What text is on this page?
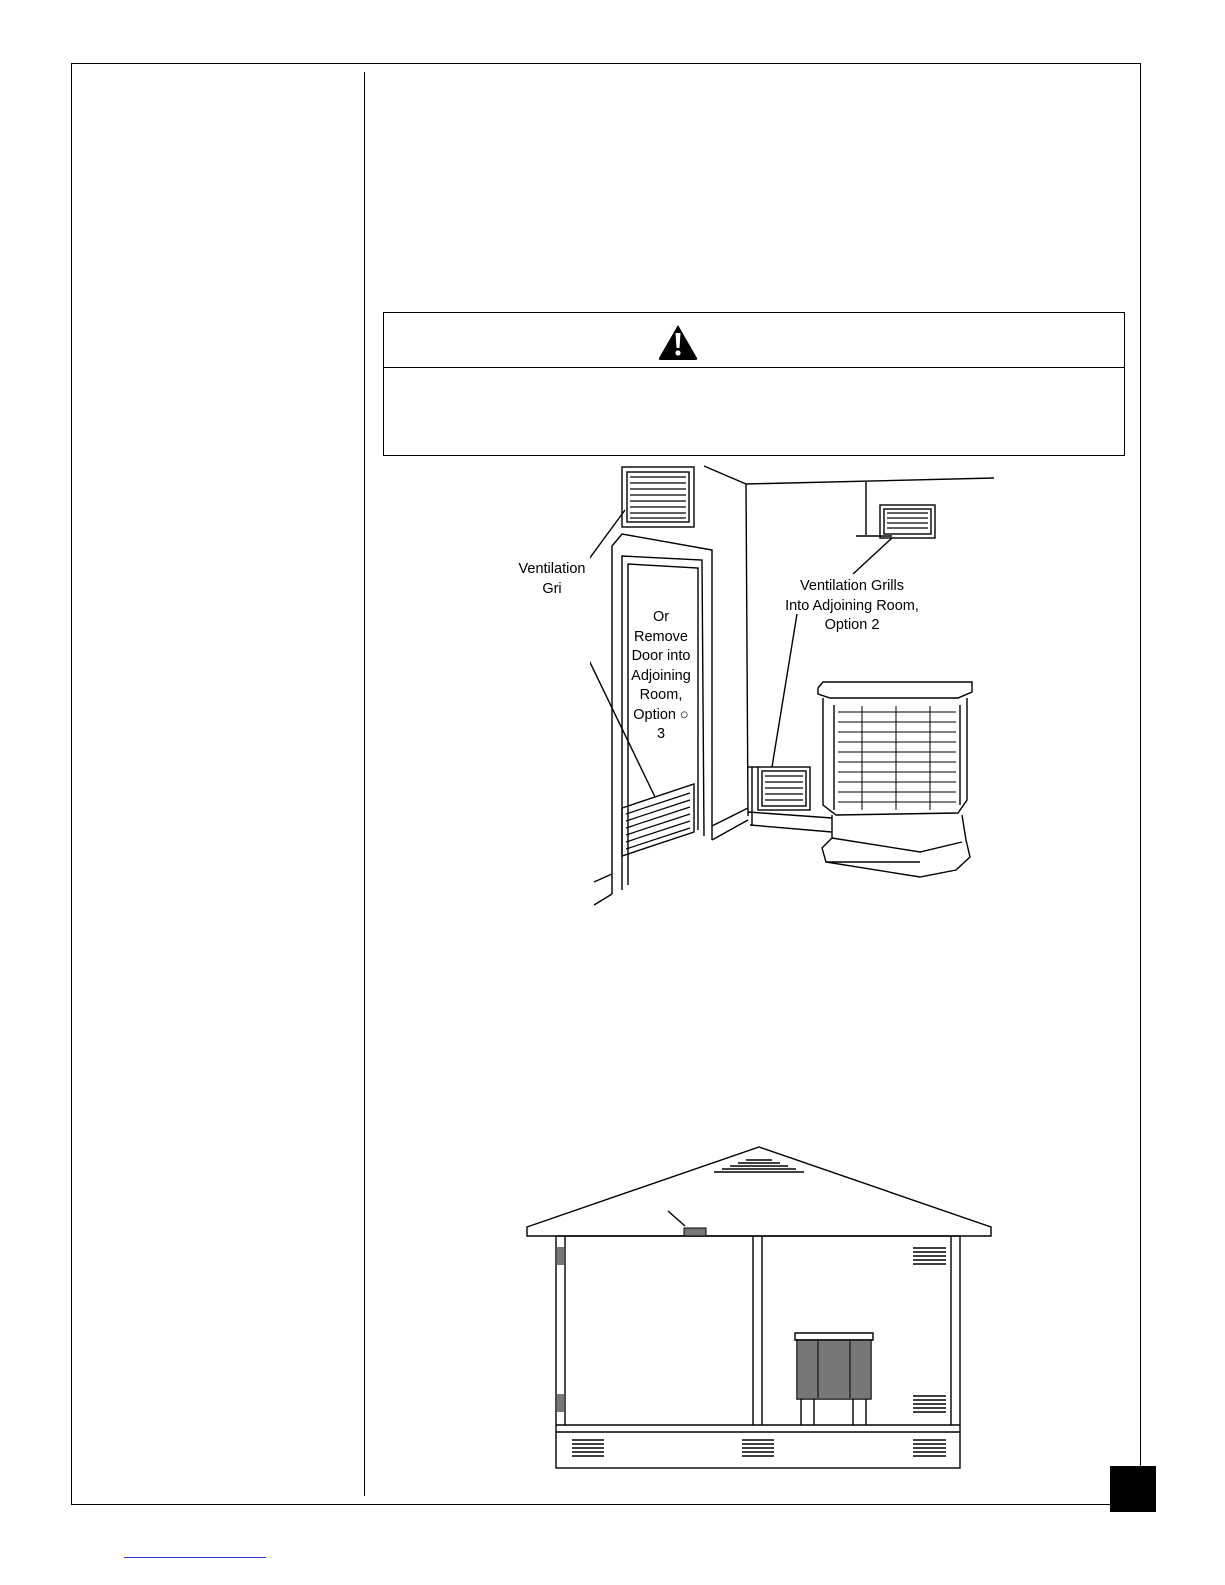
Ventilation
Gri
Or
Remove
Door into
Adjoining
Room,
Option ○
3
Ventilation Grills
Into Adjoining Room,
Option 2
